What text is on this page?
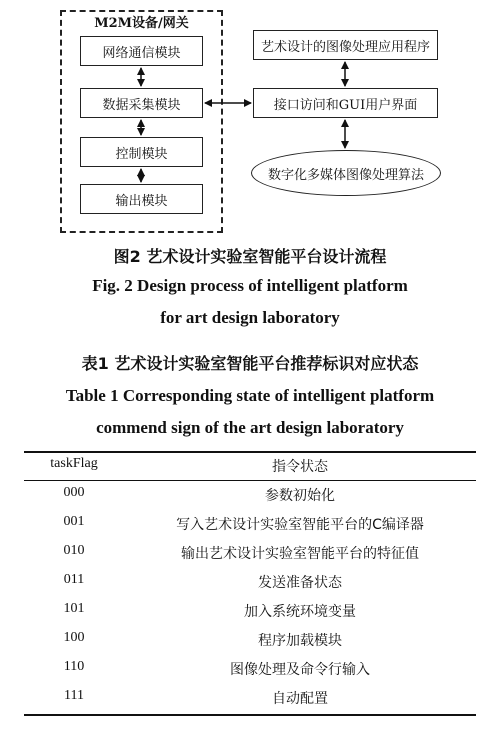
M2M设备/网关
网络通信模块
数据采集模块
控制模块
输出模块
艺术设计的图像处理应用程序
接口访问和GUI用户界面
数字化多媒体图像处理算法
图2 艺术设计实验室智能平台设计流程
Fig. 2 Design process of intelligent platform
for art design laboratory
表1 艺术设计实验室智能平台推荐标识对应状态
Table 1 Corresponding state of intelligent platform
commend sign of the art design laboratory
taskFlag	指令状态
000	参数初始化
001	写入艺术设计实验室智能平台的C编译器
010	输出艺术设计实验室智能平台的特征值
011	发送准备状态
101	加入系统环境变量
100	程序加载模块
110	图像处理及命令行输入
111	自动配置
